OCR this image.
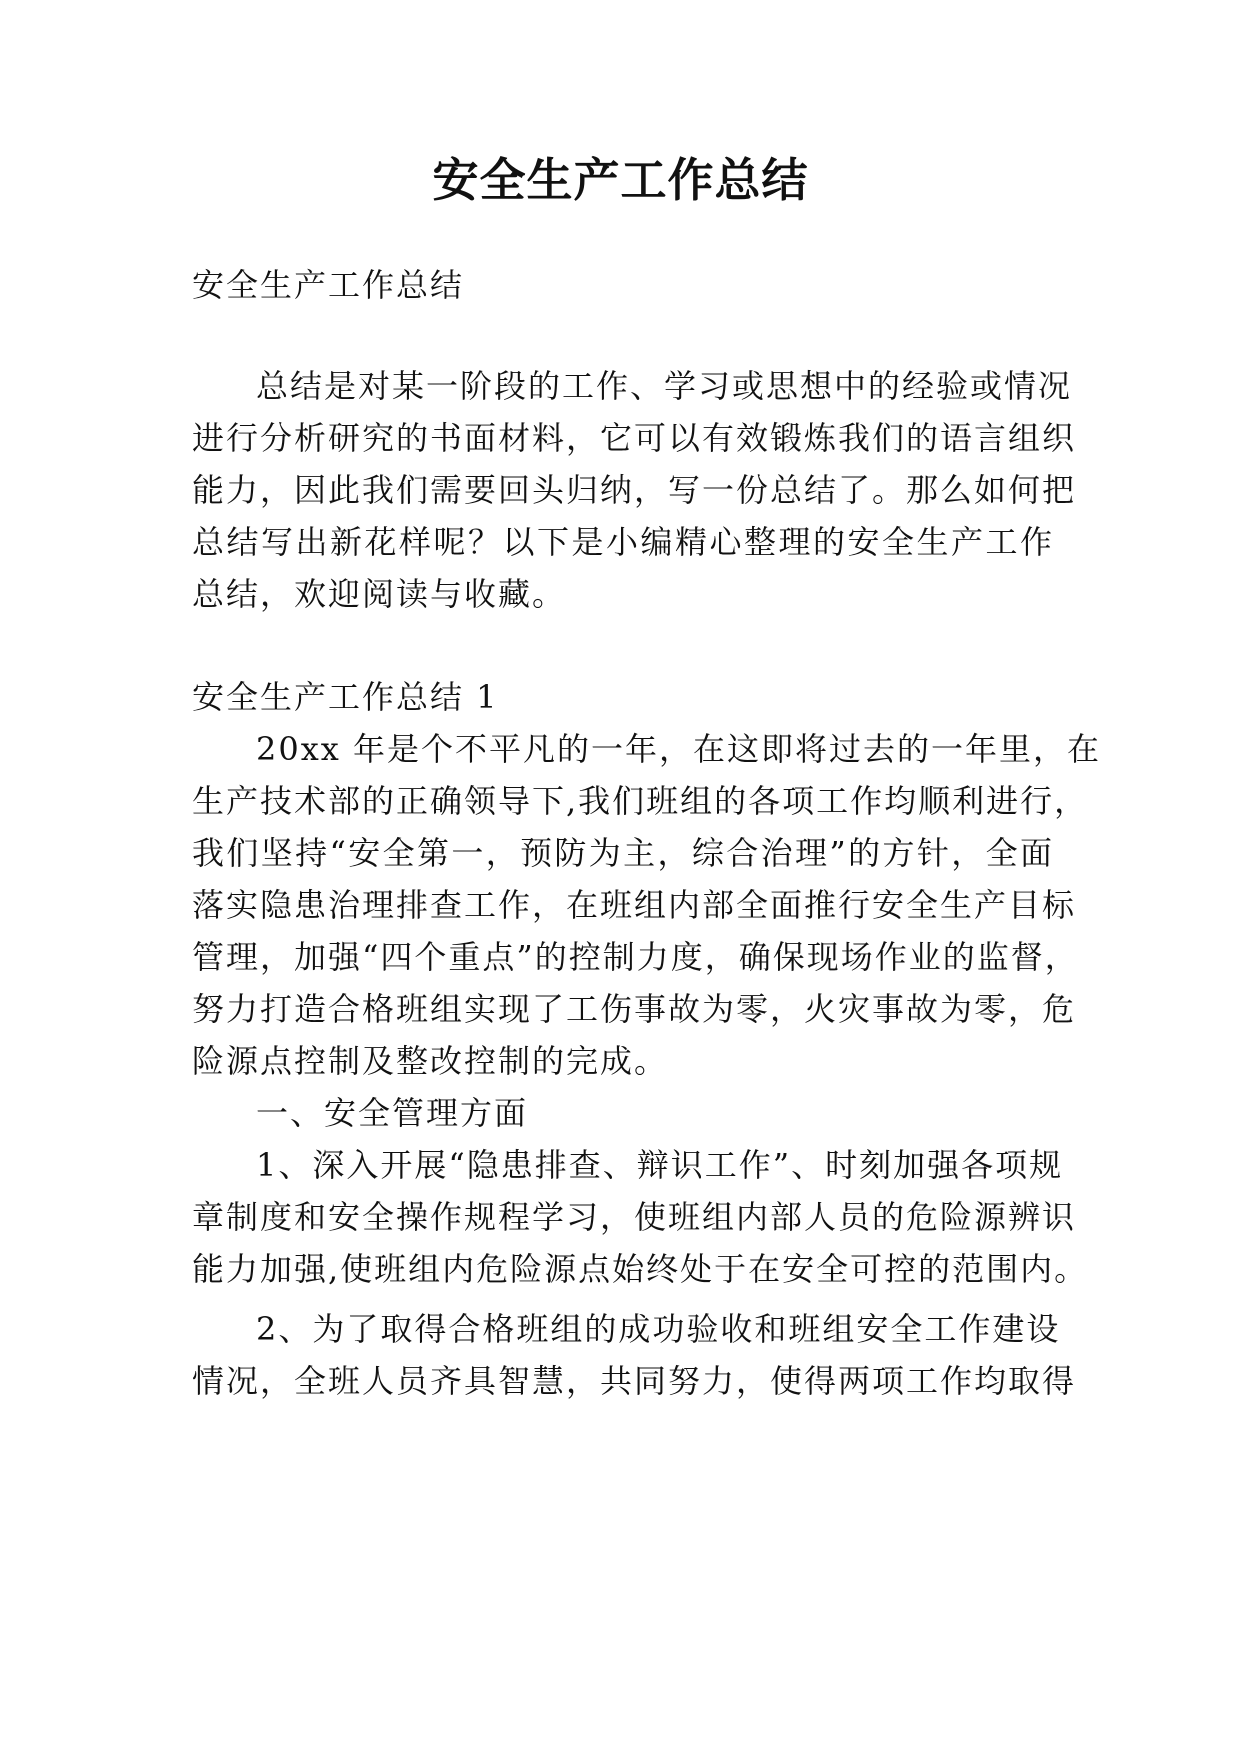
安全生产工作总结
安全生产工作总结
总结是对某一阶段的工作、学习或思想中的经验或情况
进行分析研究的书面材料，它可以有效锻炼我们的语言组织
能力，因此我们需要回头归纳，写一份总结了。那么如何把
总结写出新花样呢？以下是小编精心整理的安全生产工作
总结，欢迎阅读与收藏。
安全生产工作总结 1
20xx 年是个不平凡的一年，在这即将过去的一年里，在
生产技术部的正确领导下,我们班组的各项工作均顺利进行，
我们坚持“安全第一，预防为主，综合治理”的方针，全面
落实隐患治理排查工作，在班组内部全面推行安全生产目标
管理，加强“四个重点”的控制力度，确保现场作业的监督，
努力打造合格班组实现了工伤事故为零，火灾事故为零，危
险源点控制及整改控制的完成。
一、安全管理方面
1、深入开展“隐患排查、辩识工作”、时刻加强各项规
章制度和安全操作规程学习，使班组内部人员的危险源辨识
能力加强,使班组内危险源点始终处于在安全可控的范围内。
2、为了取得合格班组的成功验收和班组安全工作建设
情况，全班人员齐具智慧，共同努力，使得两项工作均取得
